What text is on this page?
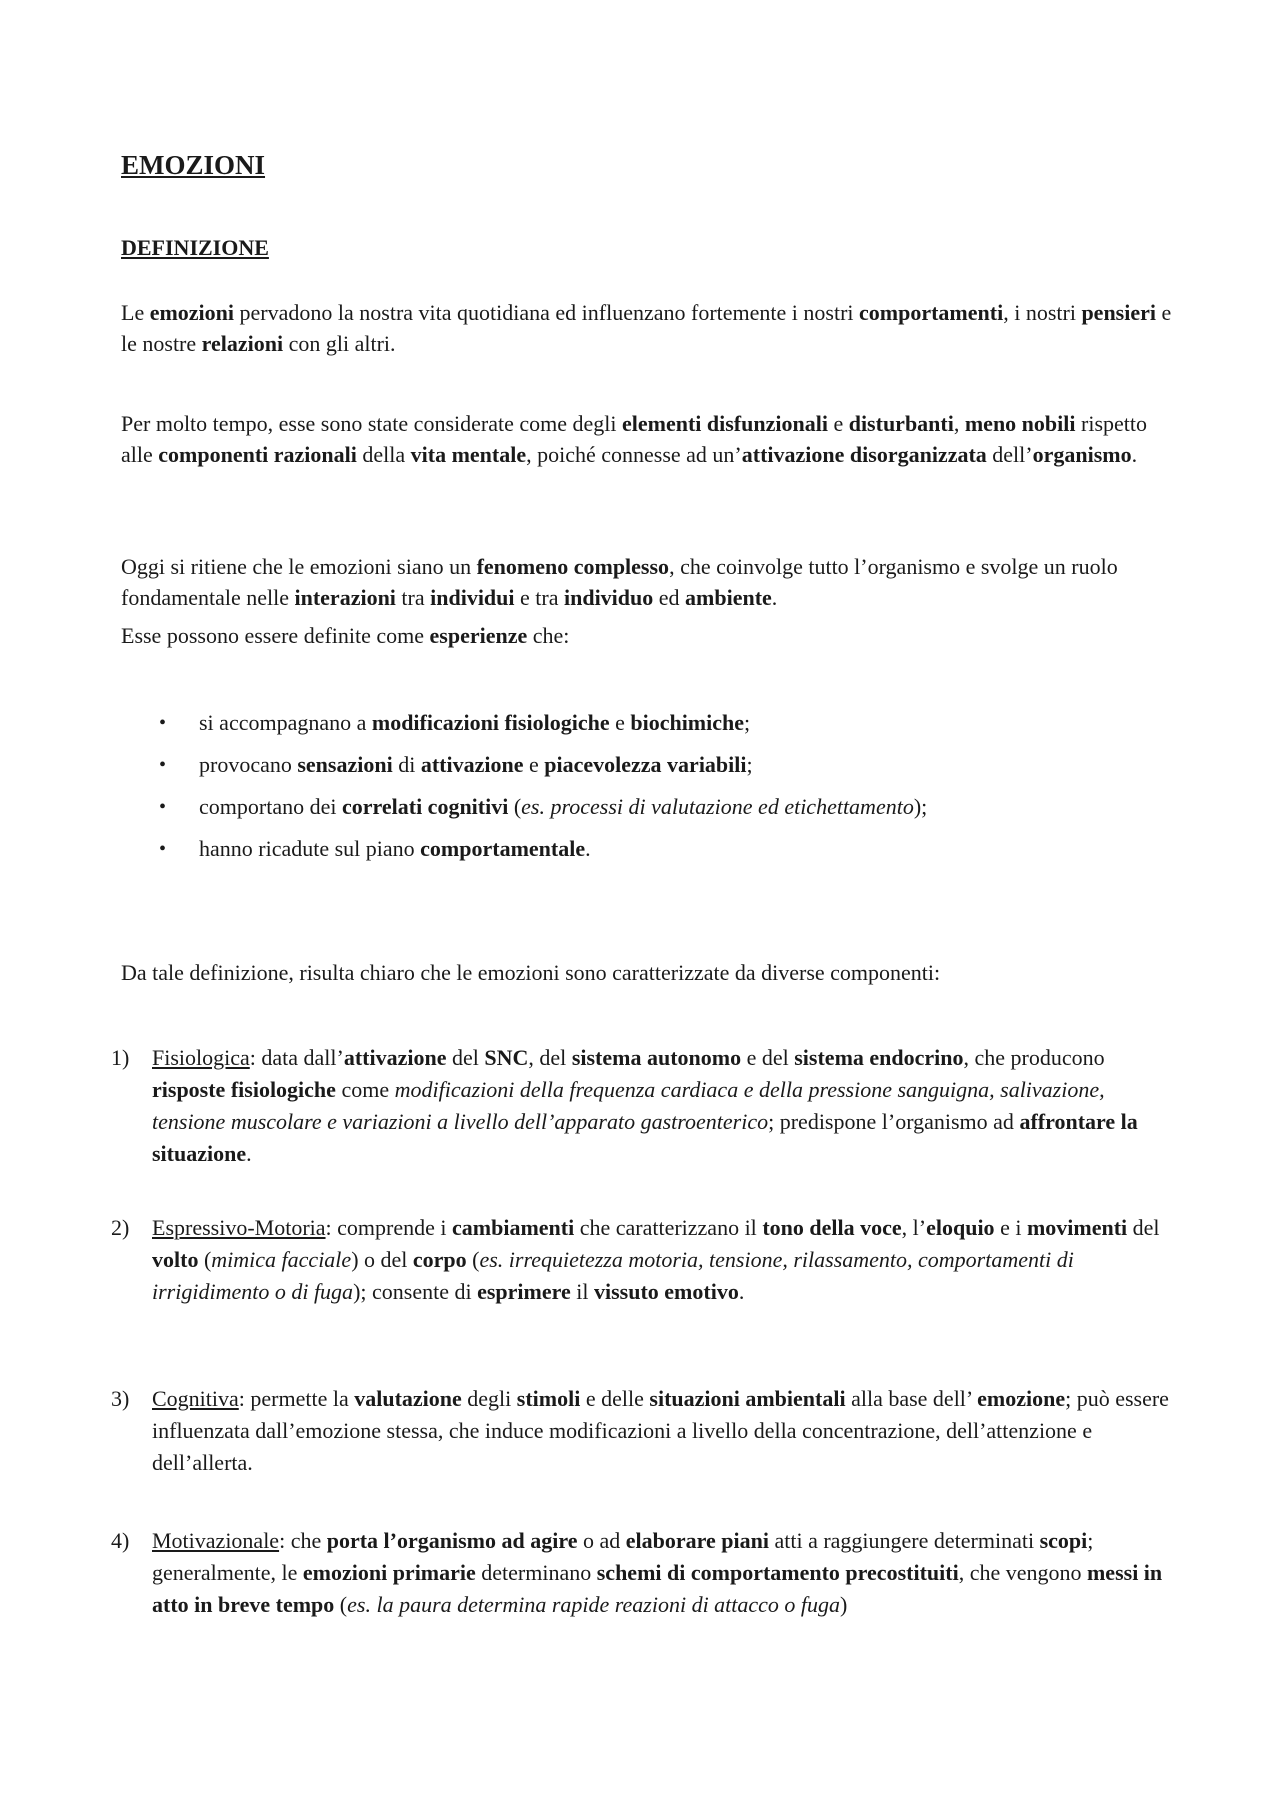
EMOZIONI
DEFINIZIONE

Le emozioni pervadono la nostra vita quotidiana ed influenzano fortemente i nostri comportamenti, i nostri pensieri e le nostre relazioni con gli altri.

Per molto tempo, esse sono state considerate come degli elementi disfunzionali e disturbanti, meno nobili rispetto alle componenti razionali della vita mentale, poiché connesse ad un’attivazione disorganizzata dell’organismo.

Oggi si ritiene che le emozioni siano un fenomeno complesso, che coinvolge tutto l’organismo e svolge un ruolo fondamentale nelle interazioni tra individui e tra individuo ed ambiente.

Esse possono essere definite come esperienze che:

• si accompagnano a modificazioni fisiologiche e biochimiche;
• provocano sensazioni di attivazione e piacevolezza variabili;
• comportano dei correlati cognitivi (es. processi di valutazione ed etichettamento);
• hanno ricadute sul piano comportamentale.

Da tale definizione, risulta chiaro che le emozioni sono caratterizzate da diverse componenti:

1)	Fisiologica: data dall’attivazione del SNC, del sistema autonomo e del sistema endocrino, che producono risposte fisiologiche come modificazioni della frequenza cardiaca e della pressione sanguigna, salivazione, tensione muscolare e variazioni a livello dell’apparato gastroenterico; predispone l’organismo ad affrontare la situazione.
2)	Espressivo-Motoria: comprende i cambiamenti che caratterizzano il tono della voce, l’eloquio e i movimenti del volto (mimica facciale) o del corpo (es. irrequietezza motoria, tensione, rilassamento, comportamenti di irrigidimento o di fuga); consente di esprimere il vissuto emotivo.
3)	Cognitiva: permette la valutazione degli stimoli e delle situazioni ambientali alla base dell’ emozione; può essere influenzata dall’emozione stessa, che induce modificazioni a livello della concentrazione, dell’attenzione e dell’allerta.
4)	Motivazionale: che porta l’organismo ad agire o ad elaborare piani atti a raggiungere determinati scopi; generalmente, le emozioni primarie determinano schemi di comportamento precostituiti, che vengono messi in atto in breve tempo (es. la paura determina rapide reazioni di attacco o fuga)
